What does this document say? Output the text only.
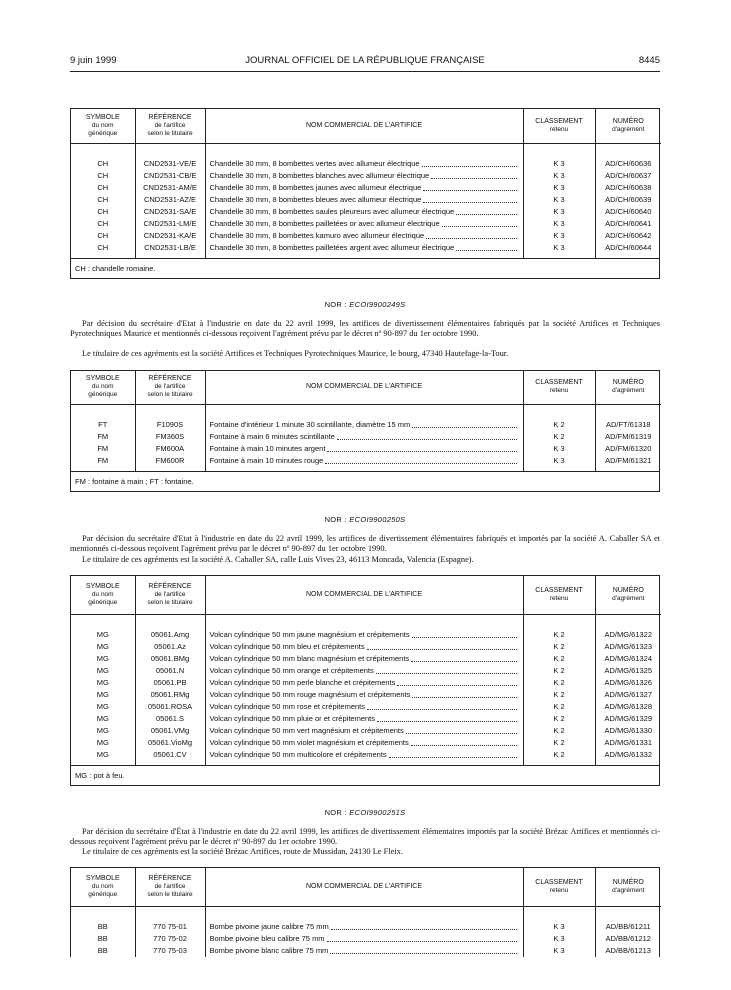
9 juin 1999	JOURNAL OFFICIEL DE LA RÉPUBLIQUE FRANÇAISE	8445
SYMBOLE
du nom
générique	RÉFÉRENCE
de l'artifice
selon le titulaire	NOM COMMERCIAL DE L'ARTIFICE	CLASSEMENT
retenu	NUMÉRO
d'agrément

CH	CND2531-VE/E	Chandelle 30 mm, 8 bombettes vertes avec allumeur électrique	K 3	AD/CH/60636
CH	CND2531-CB/E	Chandelle 30 mm, 8 bombettes blanches avec allumeur électrique	K 3	AD/CH/60637
CH	CND2531-AM/E	Chandelle 30 mm, 8 bombettes jaunes avec allumeur électrique	K 3	AD/CH/60638
CH	CND2531-AZ/E	Chandelle 30 mm, 8 bombettes bleues avec allumeur électrique	K 3	AD/CH/60639
CH	CND2531-SA/E	Chandelle 30 mm, 8 bombettes saules pleureurs avec allumeur électrique	K 3	AD/CH/60640
CH	CND2531-LM/E	Chandelle 30 mm, 8 bombettes pailletées or avec allumeur électrique	K 3	AD/CH/60641
CH	CND2531-KA/E	Chandelle 30 mm, 8 bombettes kamuro avec allumeur électrique	K 3	AD/CH/60642
CH	CND2531-LB/E	Chandelle 30 mm, 8 bombettes pailletées argent avec allumeur électrique	K 3	AD/CH/60644

CH : chandelle romaine.
NOR : ECOI9900249S

Par décision du secrétaire d'Etat à l'industrie en date du 22 avril 1999, les artifices de divertissement élémentaires fabriqués par la société Artifices et Techniques Pyrotechniques Maurice et mentionnés ci-dessous reçoivent l'agrément prévu par le décret nº 90-897 du 1er octobre 1990.

Le titulaire de ces agréments est la société Artifices et Techniques Pyrotechniques Maurice, le bourg, 47340 Hautefage-la-Tour.

SYMBOLE
du nom
générique	RÉFÉRENCE
de l'artifice
selon le titulaire	NOM COMMERCIAL DE L'ARTIFICE	CLASSEMENT
retenu	NUMÉRO
d'agrément

FT	F1090S	Fontaine d'intérieur 1 minute 30 scintillante, diamètre 15 mm	K 2	AD/FT/61318
FM	FM360S	Fontaine à main 6 minutes scintillante	K 2	AD/FM/61319
FM	FM600A	Fontaine à main 10 minutes argent	K 3	AD/FM/61320
FM	FM600R	Fontaine à main 10 minutes rouge	K 3	AD/FM/61321

FM : fontaine à main ; FT : fontaine.
NOR : ECOI9900250S

Par décision du secrétaire d'Etat à l'industrie en date du 22 avril 1999, les artifices de divertissement élémentaires fabriqués et importés par la société A. Caballer SA et mentionnés ci-dessous reçoivent l'agrément prévu par le décret nº 90-897 du 1er octobre 1990.

Le titulaire de ces agréments est la société A. Caballer SA, calle Luis Vives 23, 46113 Moncada, Valencia (Espagne).

SYMBOLE
du nom
générique	RÉFÉRENCE
de l'artifice
selon le titulaire	NOM COMMERCIAL DE L'ARTIFICE	CLASSEMENT
retenu	NUMÉRO
d'agrément

MG	05061.Amg	Volcan cylindrique 50 mm jaune magnésium et crépitements	K 2	AD/MG/61322
MG	05061.Az	Volcan cylindrique 50 mm bleu et crépitements	K 2	AD/MG/61323
MG	05061.BMg	Volcan cylindrique 50 mm blanc magnésium et crépitements	K 2	AD/MG/61324
MG	05061.N	Volcan cylindrique 50 mm orange et crépitements	K 2	AD/MG/61325
MG	05061.PB	Volcan cylindrique 50 mm perle blanche et crépitements	K 2	AD/MG/61326
MG	05061.RMg	Volcan cylindrique 50 mm rouge magnésium et crépitements	K 2	AD/MG/61327
MG	05061.ROSA	Volcan cylindrique 50 mm rose et crépitements	K 2	AD/MG/61328
MG	05061.S	Volcan cylindrique 50 mm pluie or et crépitements	K 2	AD/MG/61329
MG	05061.VMg	Volcan cylindrique 50 mm vert magnésium et crépitements	K 2	AD/MG/61330
MG	05061.VioMg	Volcan cylindrique 50 mm violet magnésium et crépitements	K 2	AD/MG/61331
MG	05061.CV	Volcan cylindrique 50 mm multicolore et crépitements	K 2	AD/MG/61332

MG : pot à feu.
NOR : ECOI9900251S

Par décision du secrétaire d'État à l'industrie en date du 22 avril 1999, les artifices de divertissement élémentaires importés par la société Brézac Artifices et mentionnés ci-dessous reçoivent l'agrément prévu par le décret nº 90-897 du 1er octobre 1990.

Le titulaire de ces agréments est la société Brézac Artifices, route de Mussidan, 24130 Le Fleix.

SYMBOLE
du nom
générique	RÉFÉRENCE
de l'artifice
selon le titulaire	NOM COMMERCIAL DE L'ARTIFICE	CLASSEMENT
retenu	NUMÉRO
d'agrément

BB	770 75-01	Bombe pivoine jaune calibre 75 mm	K 3	AD/BB/61211
BB	770 75-02	Bombe pivoine bleu calibre 75 mm	K 3	AD/BB/61212
BB	770 75-03	Bombe pivoine blanc calibre 75 mm	K 3	AD/BB/61213
